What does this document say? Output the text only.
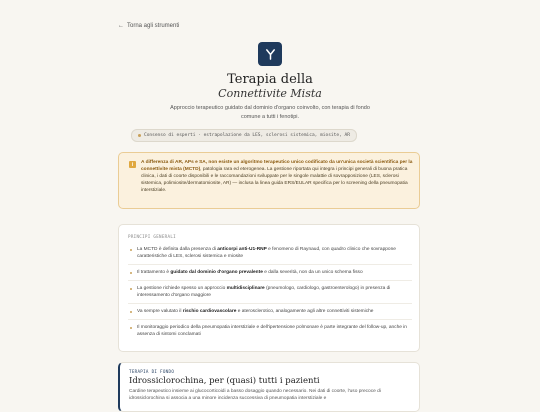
← Torna agli strumenti
Terapia della
Connettivite Mista
Approccio terapeutico guidato dal dominio d'organo coinvolto, con terapia di fondo comune a tutti i fenotipi.
Consenso di esperti · estrapolazione da LES, sclerosi sistemica, miosite, AR
i	A differenza di AR, APs e SA, non esiste un algoritmo terapeutico unico codificato da un'unica società scientifica per la connettivite mista (MCTD), patologia rara ed eterogenea. La gestione riportata qui integra i principi generali di buona pratica clinica, i dati di coorte disponibili e le raccomandazioni sviluppate per le singole malattie di sovrapposizione (LES, sclerosi sistemica, polimiosite/dermatomiosite, AR) — inclusa la linea guida ERS/EULAR specifica per lo screening della pneumopatia interstiziale.
PRINCIPI GENERALI
La MCTD è definita dalla presenza di anticorpi anti-U1-RNP e fenomeno di Raynaud, con quadro clinico che sovrappone caratteristiche di LES, sclerosi sistemica e miosite
Il trattamento è guidato dal dominio d'organo prevalente e dalla severità, non da un unico schema fisso
La gestione richiede spesso un approccio multidisciplinare (pneumologo, cardiologo, gastroenterologo) in presenza di interessamento d'organo maggiore
Va sempre valutato il rischio cardiovascolare e aterosclerotico, analogamente agli altre connettiviti sistemiche
Il monitoraggio periodico della pneumopatia interstiziale e dell'ipertensione polmonare è parte integrante del follow-up, anche in assenza di sintomi conclamati
TERAPIA DI FONDO
Idrossiclorochina, per (quasi) tutti i pazienti
Cardine terapeutico insieme ai glucocorticoidi a basso dosaggio quando necessario. Nei dati di coorte, l'uso precoce di idrossiclorochina si associa a una minore incidenza successiva di pneumopatia interstiziale e
